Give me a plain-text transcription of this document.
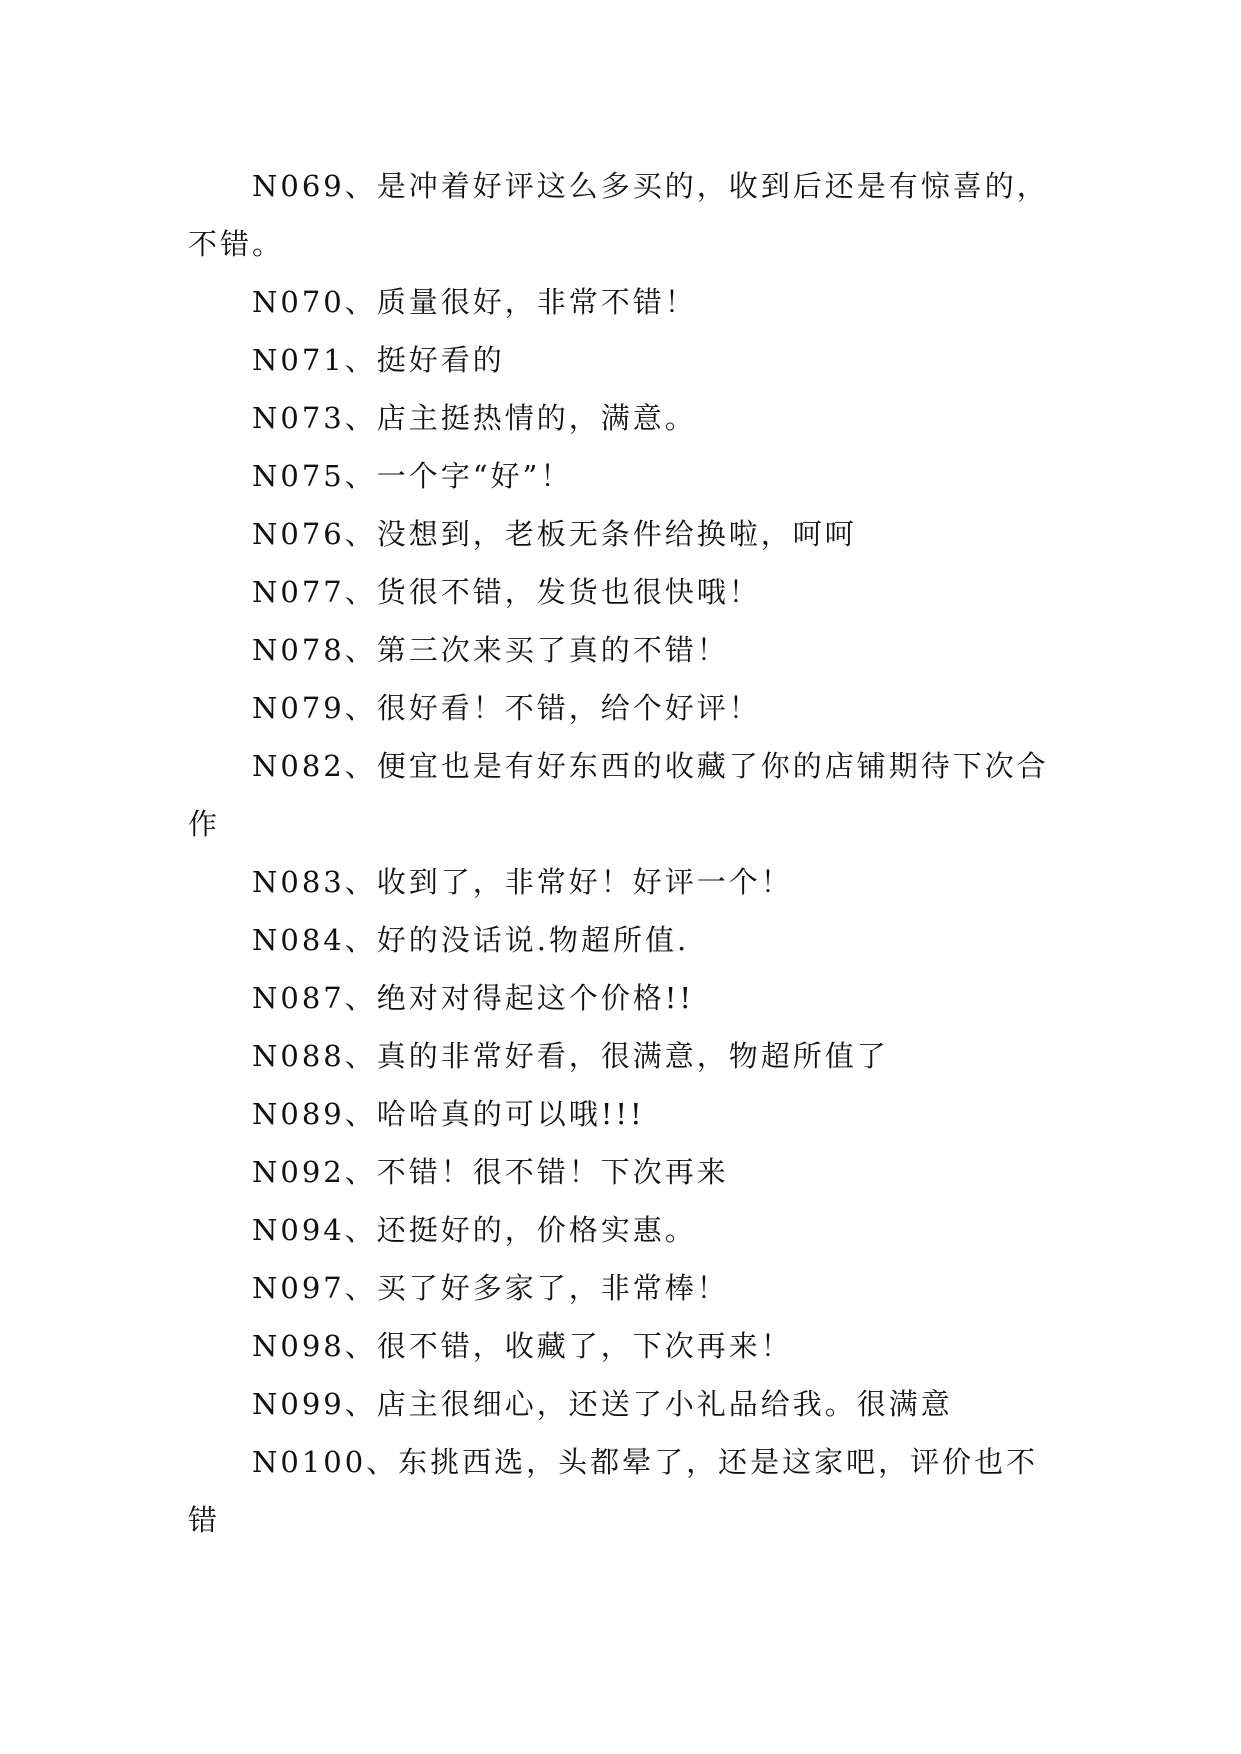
N069、是冲着好评这么多买的，收到后还是有惊喜的，不错。

N070、质量很好，非常不错！

N071、挺好看的

N073、店主挺热情的，满意。

N075、一个字“好”！

N076、没想到，老板无条件给换啦，呵呵

N077、货很不错，发货也很快哦！

N078、第三次来买了真的不错！

N079、很好看！不错，给个好评！

N082、便宜也是有好东西的收藏了你的店铺期待下次合作

N083、收到了，非常好！好评一个！

N084、好的没话说.物超所值.

N087、绝对对得起这个价格!!

N088、真的非常好看，很满意，物超所值了

N089、哈哈真的可以哦!!!

N092、不错！很不错！下次再来

N094、还挺好的，价格实惠。

N097、买了好多家了，非常棒！

N098、很不错，收藏了，下次再来！

N099、店主很细心，还送了小礼品给我。很满意

N0100、东挑西选，头都晕了，还是这家吧，评价也不错
